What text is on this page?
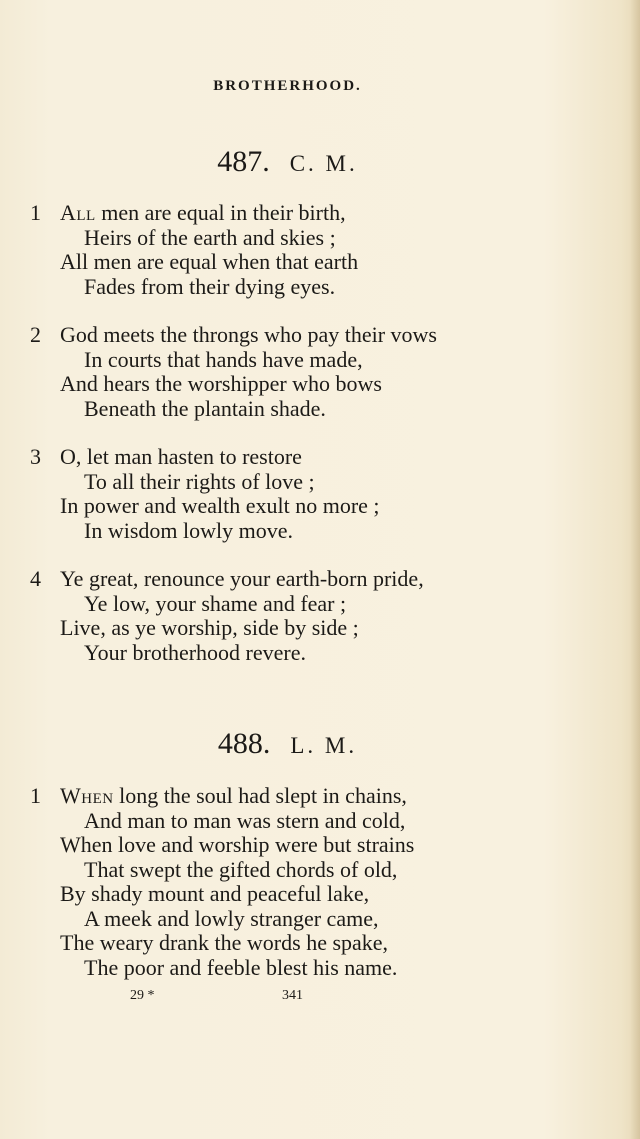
BROTHERHOOD.
487. C. M.
1 All men are equal in their birth,
Heirs of the earth and skies ;
All men are equal when that earth
Fades from their dying eyes.
2 God meets the throngs who pay their vows
In courts that hands have made,
And hears the worshipper who bows
Beneath the plantain shade.
3 O, let man hasten to restore
To all their rights of love ;
In power and wealth exult no more ;
In wisdom lowly move.
4 Ye great, renounce your earth-born pride,
Ye low, your shame and fear ;
Live, as ye worship, side by side ;
Your brotherhood revere.
488. L. M.
1 When long the soul had slept in chains,
And man to man was stern and cold,
When love and worship were but strains
That swept the gifted chords of old,
By shady mount and peaceful lake,
A meek and lowly stranger came,
The weary drank the words he spake,
The poor and feeble blest his name.
29 *	341
